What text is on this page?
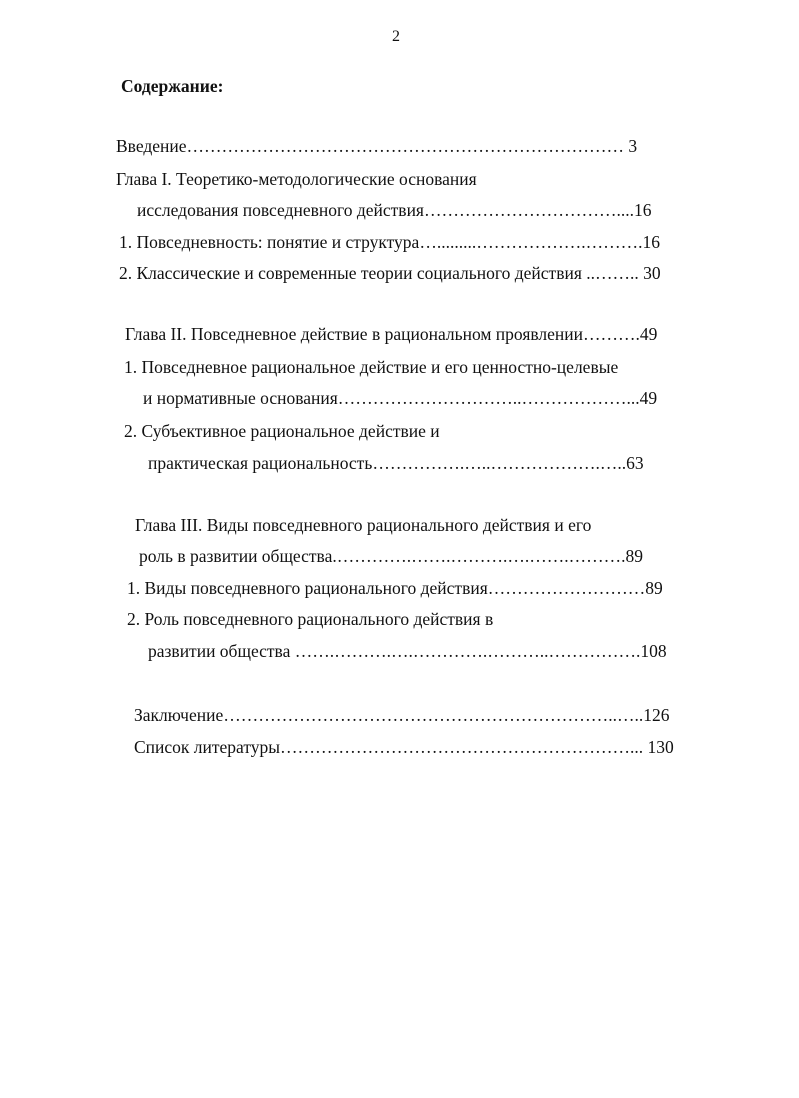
2
Содержание:
Введение………………………………………………………………… 3
Глава I. Теоретико-методологические основания
исследования повседневного действия……………………………....16
1. Повседневность: понятие и структура….........……………….……….16
2. Классические и современные теории социального действия ..…….. 30
Глава II. Повседневное действие в рациональном проявлении……….49
1. Повседневное рациональное действие и его ценностно-целевые
и нормативные основания…………………………..………………...49
2. Субъективное рациональное действие и
практическая рациональность…………….…..……………….…..63
Глава III. Виды повседневного рационального действия и его
роль в развитии общества.………….…….……….….…….……….89
1. Виды повседневного рационального действия………………………89
2. Роль повседневного рационального действия в
развитии общества …….……….….………….………..…………….108
Заключение…………………………………………………………..…..126
Список литературы……………………………………………………... 130
